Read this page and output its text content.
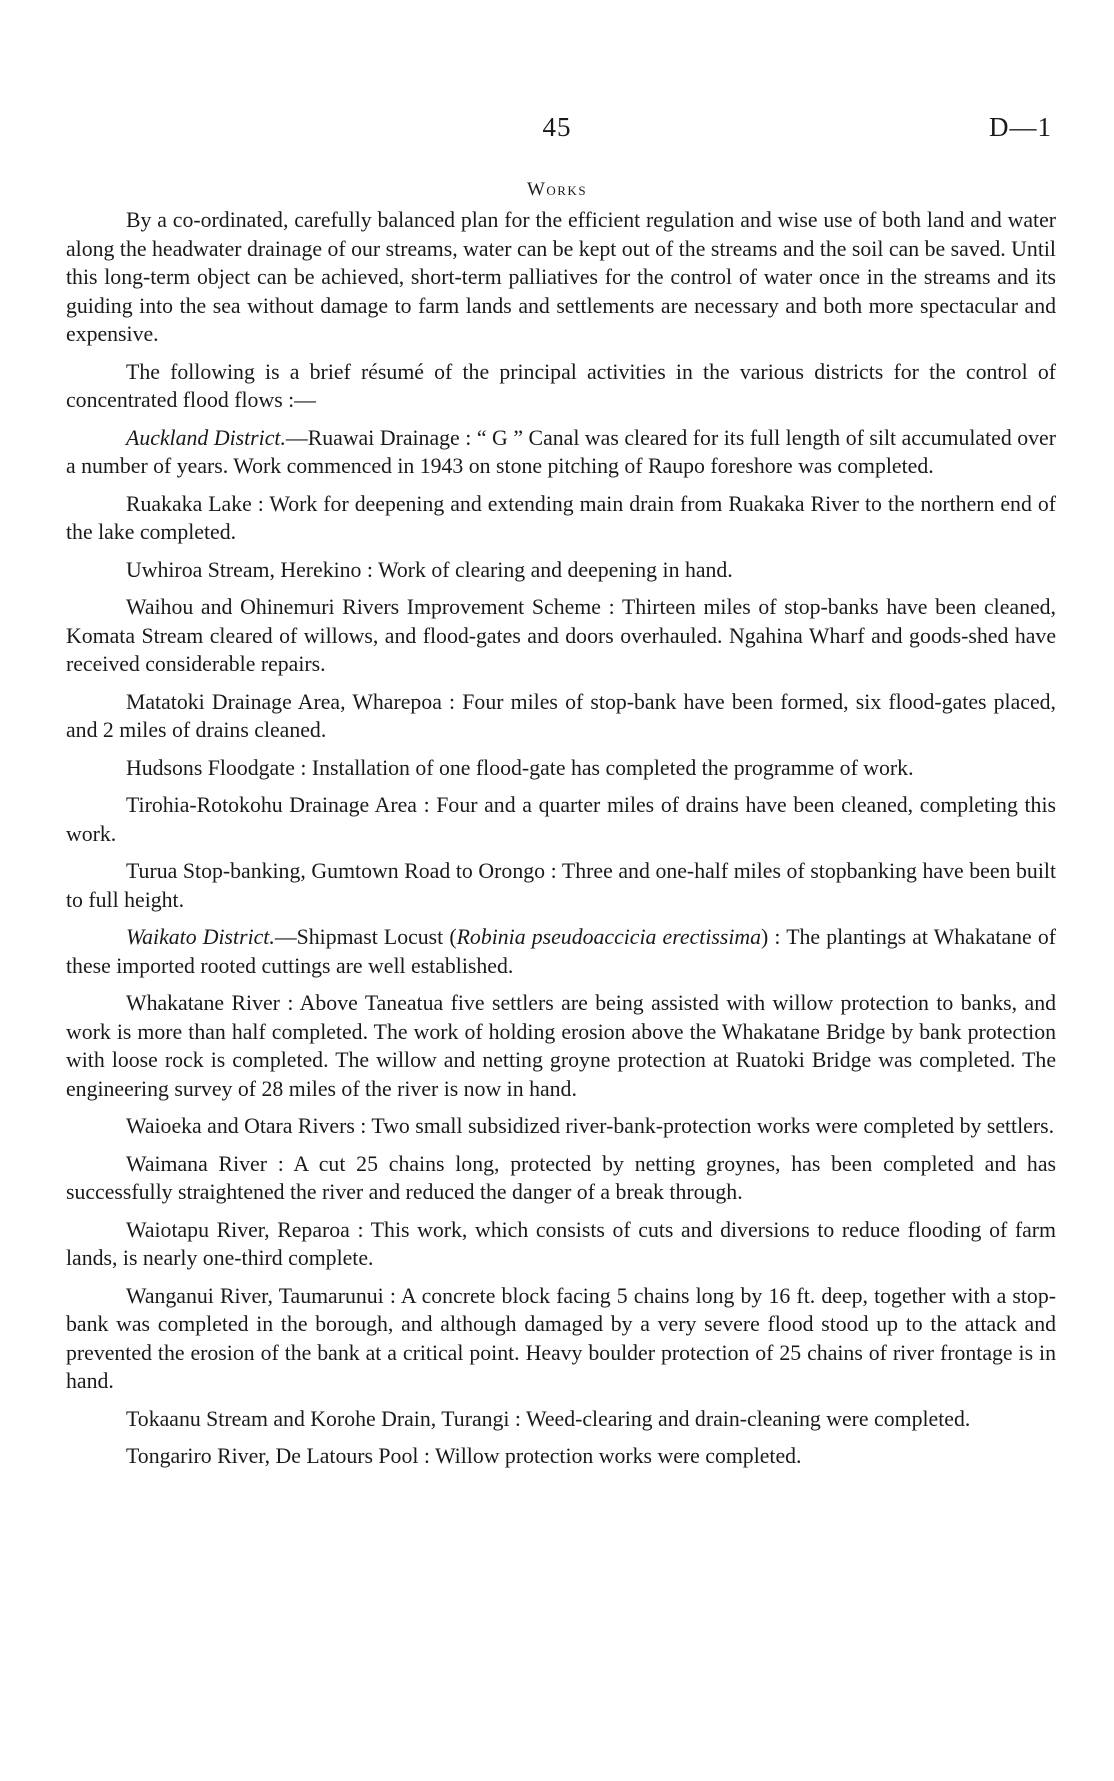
45	D—1
Works

By a co-ordinated, carefully balanced plan for the efficient regulation and wise use of both land and water along the headwater drainage of our streams, water can be kept out of the streams and the soil can be saved. Until this long-term object can be achieved, short-term palliatives for the control of water once in the streams and its guiding into the sea without damage to farm lands and settlements are necessary and both more spectacular and expensive.

The following is a brief résumé of the principal activities in the various districts for the control of concentrated flood flows :—

Auckland District.—Ruawai Drainage : “ G ” Canal was cleared for its full length of silt accumulated over a number of years. Work commenced in 1943 on stone pitching of Raupo foreshore was completed.

Ruakaka Lake : Work for deepening and extending main drain from Ruakaka River to the northern end of the lake completed.

Uwhiroa Stream, Herekino : Work of clearing and deepening in hand.

Waihou and Ohinemuri Rivers Improvement Scheme : Thirteen miles of stop-banks have been cleaned, Komata Stream cleared of willows, and flood-gates and doors overhauled. Ngahina Wharf and goods-shed have received considerable repairs.

Matatoki Drainage Area, Wharepoa : Four miles of stop-bank have been formed, six flood-gates placed, and 2 miles of drains cleaned.

Hudsons Floodgate : Installation of one flood-gate has completed the programme of work.

Tirohia-Rotokohu Drainage Area : Four and a quarter miles of drains have been cleaned, completing this work.

Turua Stop-banking, Gumtown Road to Orongo : Three and one-half miles of stopbanking have been built to full height.

Waikato District.—Shipmast Locust (Robinia pseudoaccicia erectissima) : The plantings at Whakatane of these imported rooted cuttings are well established.

Whakatane River : Above Taneatua five settlers are being assisted with willow protection to banks, and work is more than half completed. The work of holding erosion above the Whakatane Bridge by bank protection with loose rock is completed. The willow and netting groyne protection at Ruatoki Bridge was completed. The engineering survey of 28 miles of the river is now in hand.

Waioeka and Otara Rivers : Two small subsidized river-bank-protection works were completed by settlers.

Waimana River : A cut 25 chains long, protected by netting groynes, has been completed and has successfully straightened the river and reduced the danger of a break through.

Waiotapu River, Reparoa : This work, which consists of cuts and diversions to reduce flooding of farm lands, is nearly one-third complete.

Wanganui River, Taumarunui : A concrete block facing 5 chains long by 16 ft. deep, together with a stop-bank was completed in the borough, and although damaged by a very severe flood stood up to the attack and prevented the erosion of the bank at a critical point. Heavy boulder protection of 25 chains of river frontage is in hand.

Tokaanu Stream and Korohe Drain, Turangi : Weed-clearing and drain-cleaning were completed.

Tongariro River, De Latours Pool : Willow protection works were completed.
